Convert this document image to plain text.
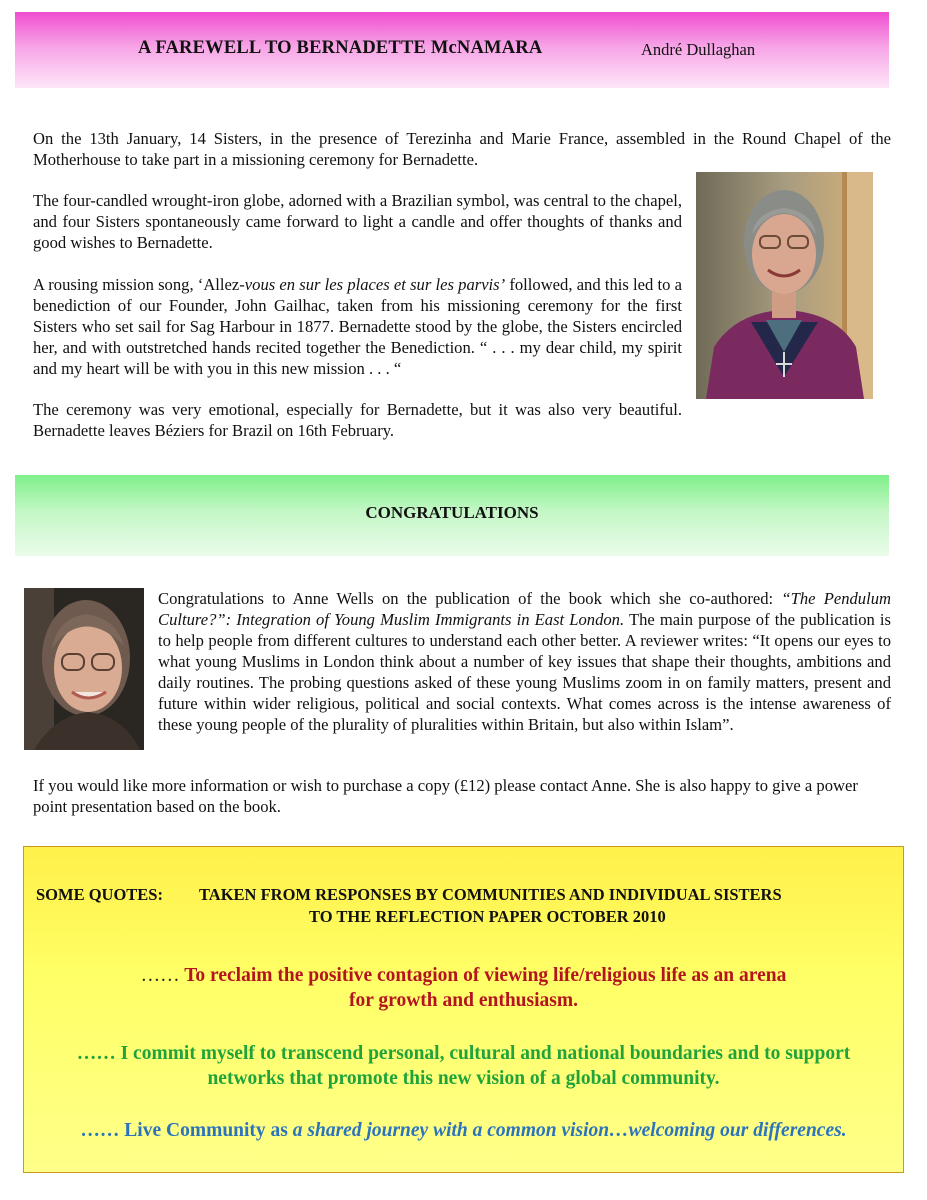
A FAREWELL TO BERNADETTE McNAMARA	André Dullaghan

On the 13th January, 14 Sisters, in the presence of Terezinha and Marie France, assembled in the Round Chapel of the Motherhouse to take part in a missioning ceremony for Bernadette.

The four-candled wrought-iron globe, adorned with a Brazilian symbol, was central to the chapel, and four Sisters spontaneously came forward to light a candle and offer thoughts of thanks and good wishes to Bernadette.

A rousing mission song, ‘Allez-vous en sur les places et sur les parvis’ followed, and this led to a benediction of our Founder, John Gailhac, taken from his missioning ceremony for the first Sisters who set sail for Sag Harbour in 1877. Bernadette stood by the globe, the Sisters encircled her, and with outstretched hands recited together the Benediction. “ . . . my dear child, my spirit and my heart will be with you in this new mission . . . “

The ceremony was very emotional, especially for Bernadette, but it was also very beautiful. Bernadette leaves Béziers for Brazil on 16th February.

CONGRATULATIONS

Congratulations to Anne Wells on the publication of the book which she co-authored: “The Pendulum Culture?”: Integration of Young Muslim Immigrants in East London. The main purpose of the publication is to help people from different cultures to understand each other better. A reviewer writes: “It opens our eyes to what young Muslims in London think about a number of key issues that shape their thoughts, ambitions and daily routines. The probing questions asked of these young Muslims zoom in on family matters, present and future within wider religious, political and social contexts. What comes across is the intense awareness of these young people of the plurality of pluralities within Britain, but also within Islam”.

If you would like more information or wish to purchase a copy (£12) please contact Anne. She is also happy to give a power point presentation based on the book.

SOME QUOTES: TAKEN FROM RESPONSES BY COMMUNITIES AND INDIVIDUAL SISTERS
TO THE REFLECTION PAPER OCTOBER 2010
…… To reclaim the positive contagion of viewing life/religious life as an arena
for growth and enthusiasm.
…… I commit myself to transcend personal, cultural and national boundaries and to support
networks that promote this new vision of a global community.
…… Live Community as a shared journey with a common vision…welcoming our differences.
